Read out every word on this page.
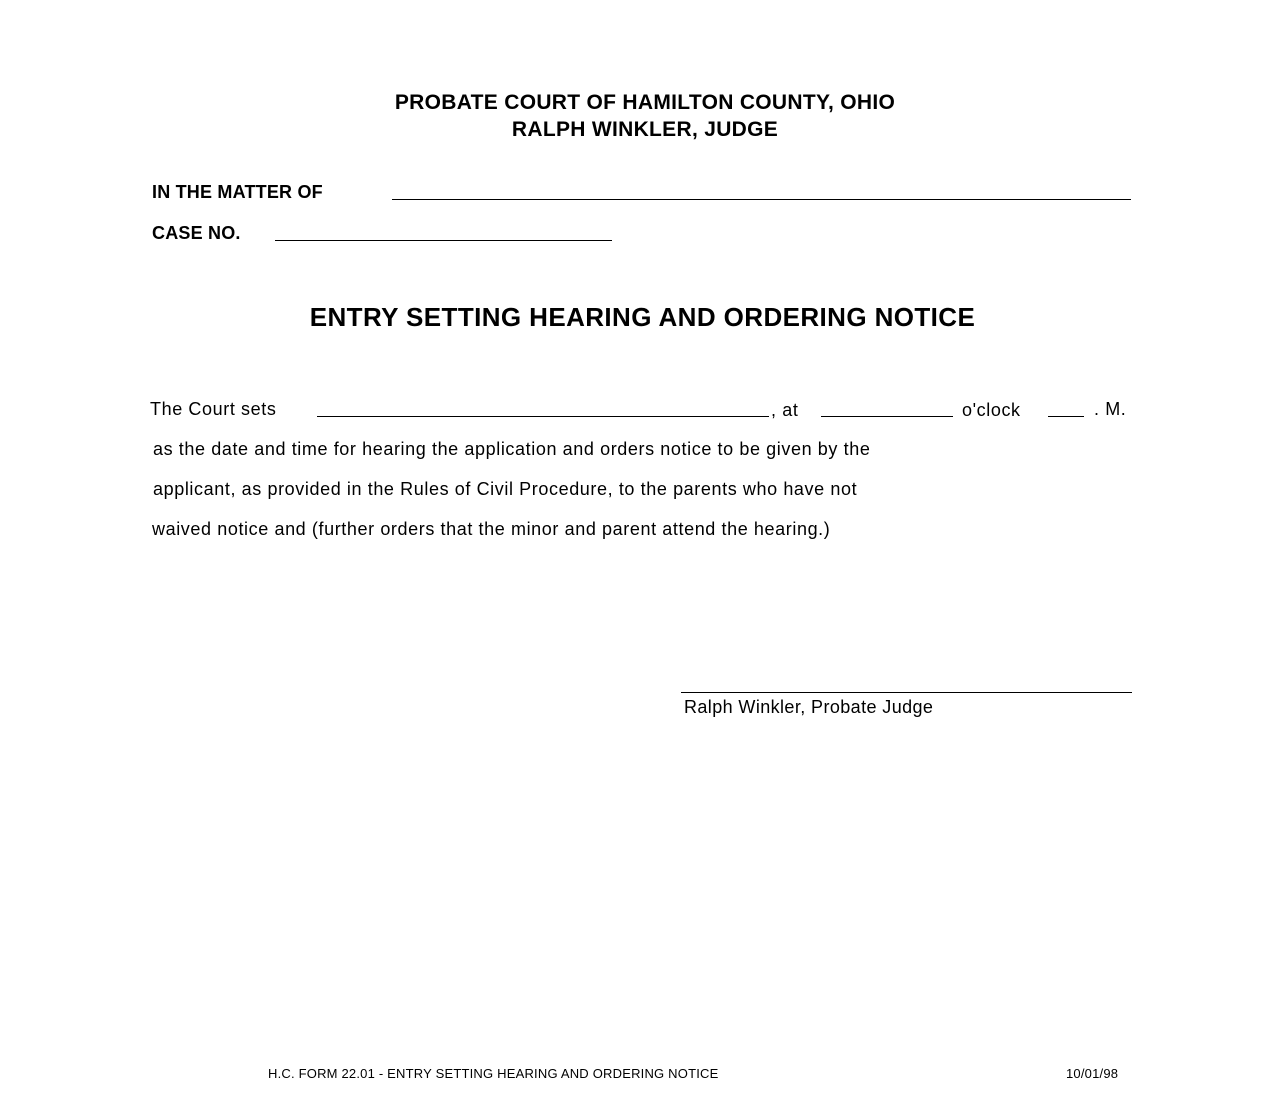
PROBATE COURT OF HAMILTON COUNTY, OHIO
RALPH WINKLER, JUDGE
IN THE MATTER OF
CASE NO.
ENTRY SETTING HEARING AND ORDERING NOTICE
The Court sets	, at	o'clock	. M.
as the date and time for hearing the application and orders notice to be given by the
applicant, as provided in the Rules of Civil Procedure, to the parents who have not
waived notice and (further orders that the minor and parent attend the hearing.)
Ralph Winkler, Probate Judge
H.C. FORM 22.01 - ENTRY SETTING HEARING AND ORDERING NOTICE	10/01/98
